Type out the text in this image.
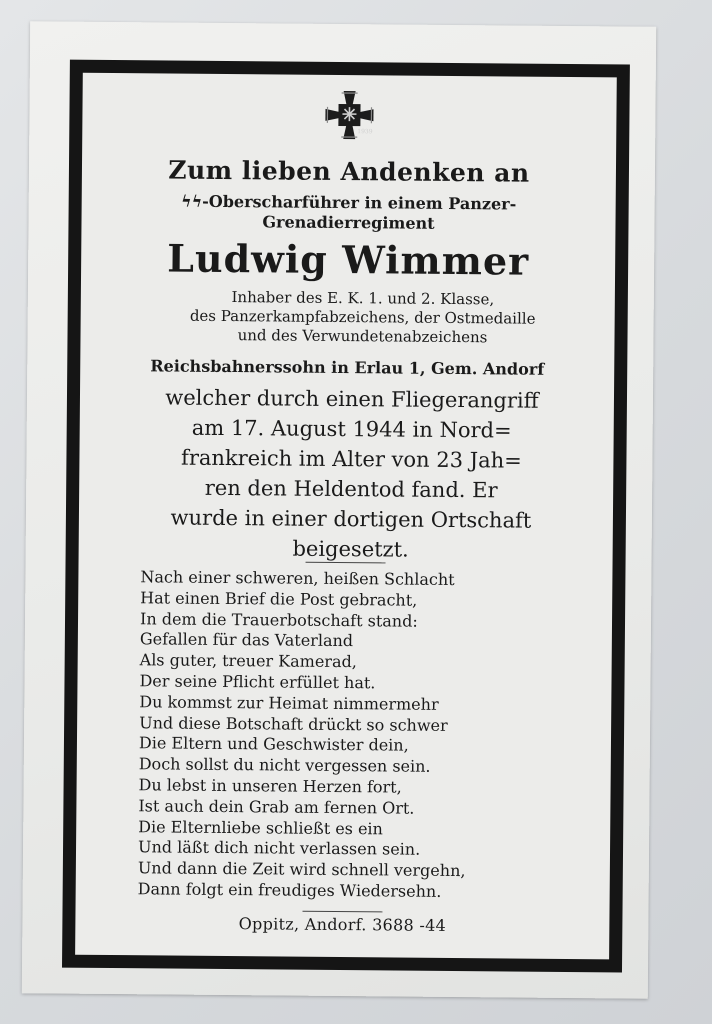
1939
Zum lieben Andenken an
ϟϟ-Oberscharführer in einem Panzer-
Grenadierregiment
Ludwig Wimmer
Inhaber des E. K. 1. und 2. Klasse,
des Panzerkampfabzeichens, der Ostmedaille
und des Verwundetenabzeichens
Reichsbahnerssohn in Erlau 1, Gem. Andorf
welcher durch einen Fliegerangriff
am 17. August 1944 in Nord=
frankreich im Alter von 23 Jah=
ren den Heldentod fand. Er
wurde in einer dortigen Ortschaft
beigesetzt.
Nach einer schweren, heißen Schlacht
Hat einen Brief die Post gebracht,
In dem die Trauerbotschaft stand:
Gefallen für das Vaterland
Als guter, treuer Kamerad,
Der seine Pflicht erfüllet hat.
Du kommst zur Heimat nimmermehr
Und diese Botschaft drückt so schwer
Die Eltern und Geschwister dein,
Doch sollst du nicht vergessen sein.
Du lebst in unseren Herzen fort,
Ist auch dein Grab am fernen Ort.
Die Elternliebe schließt es ein
Und läßt dich nicht verlassen sein.
Und dann die Zeit wird schnell vergehn,
Dann folgt ein freudiges Wiedersehn.
Oppitz, Andorf. 3688 -44
